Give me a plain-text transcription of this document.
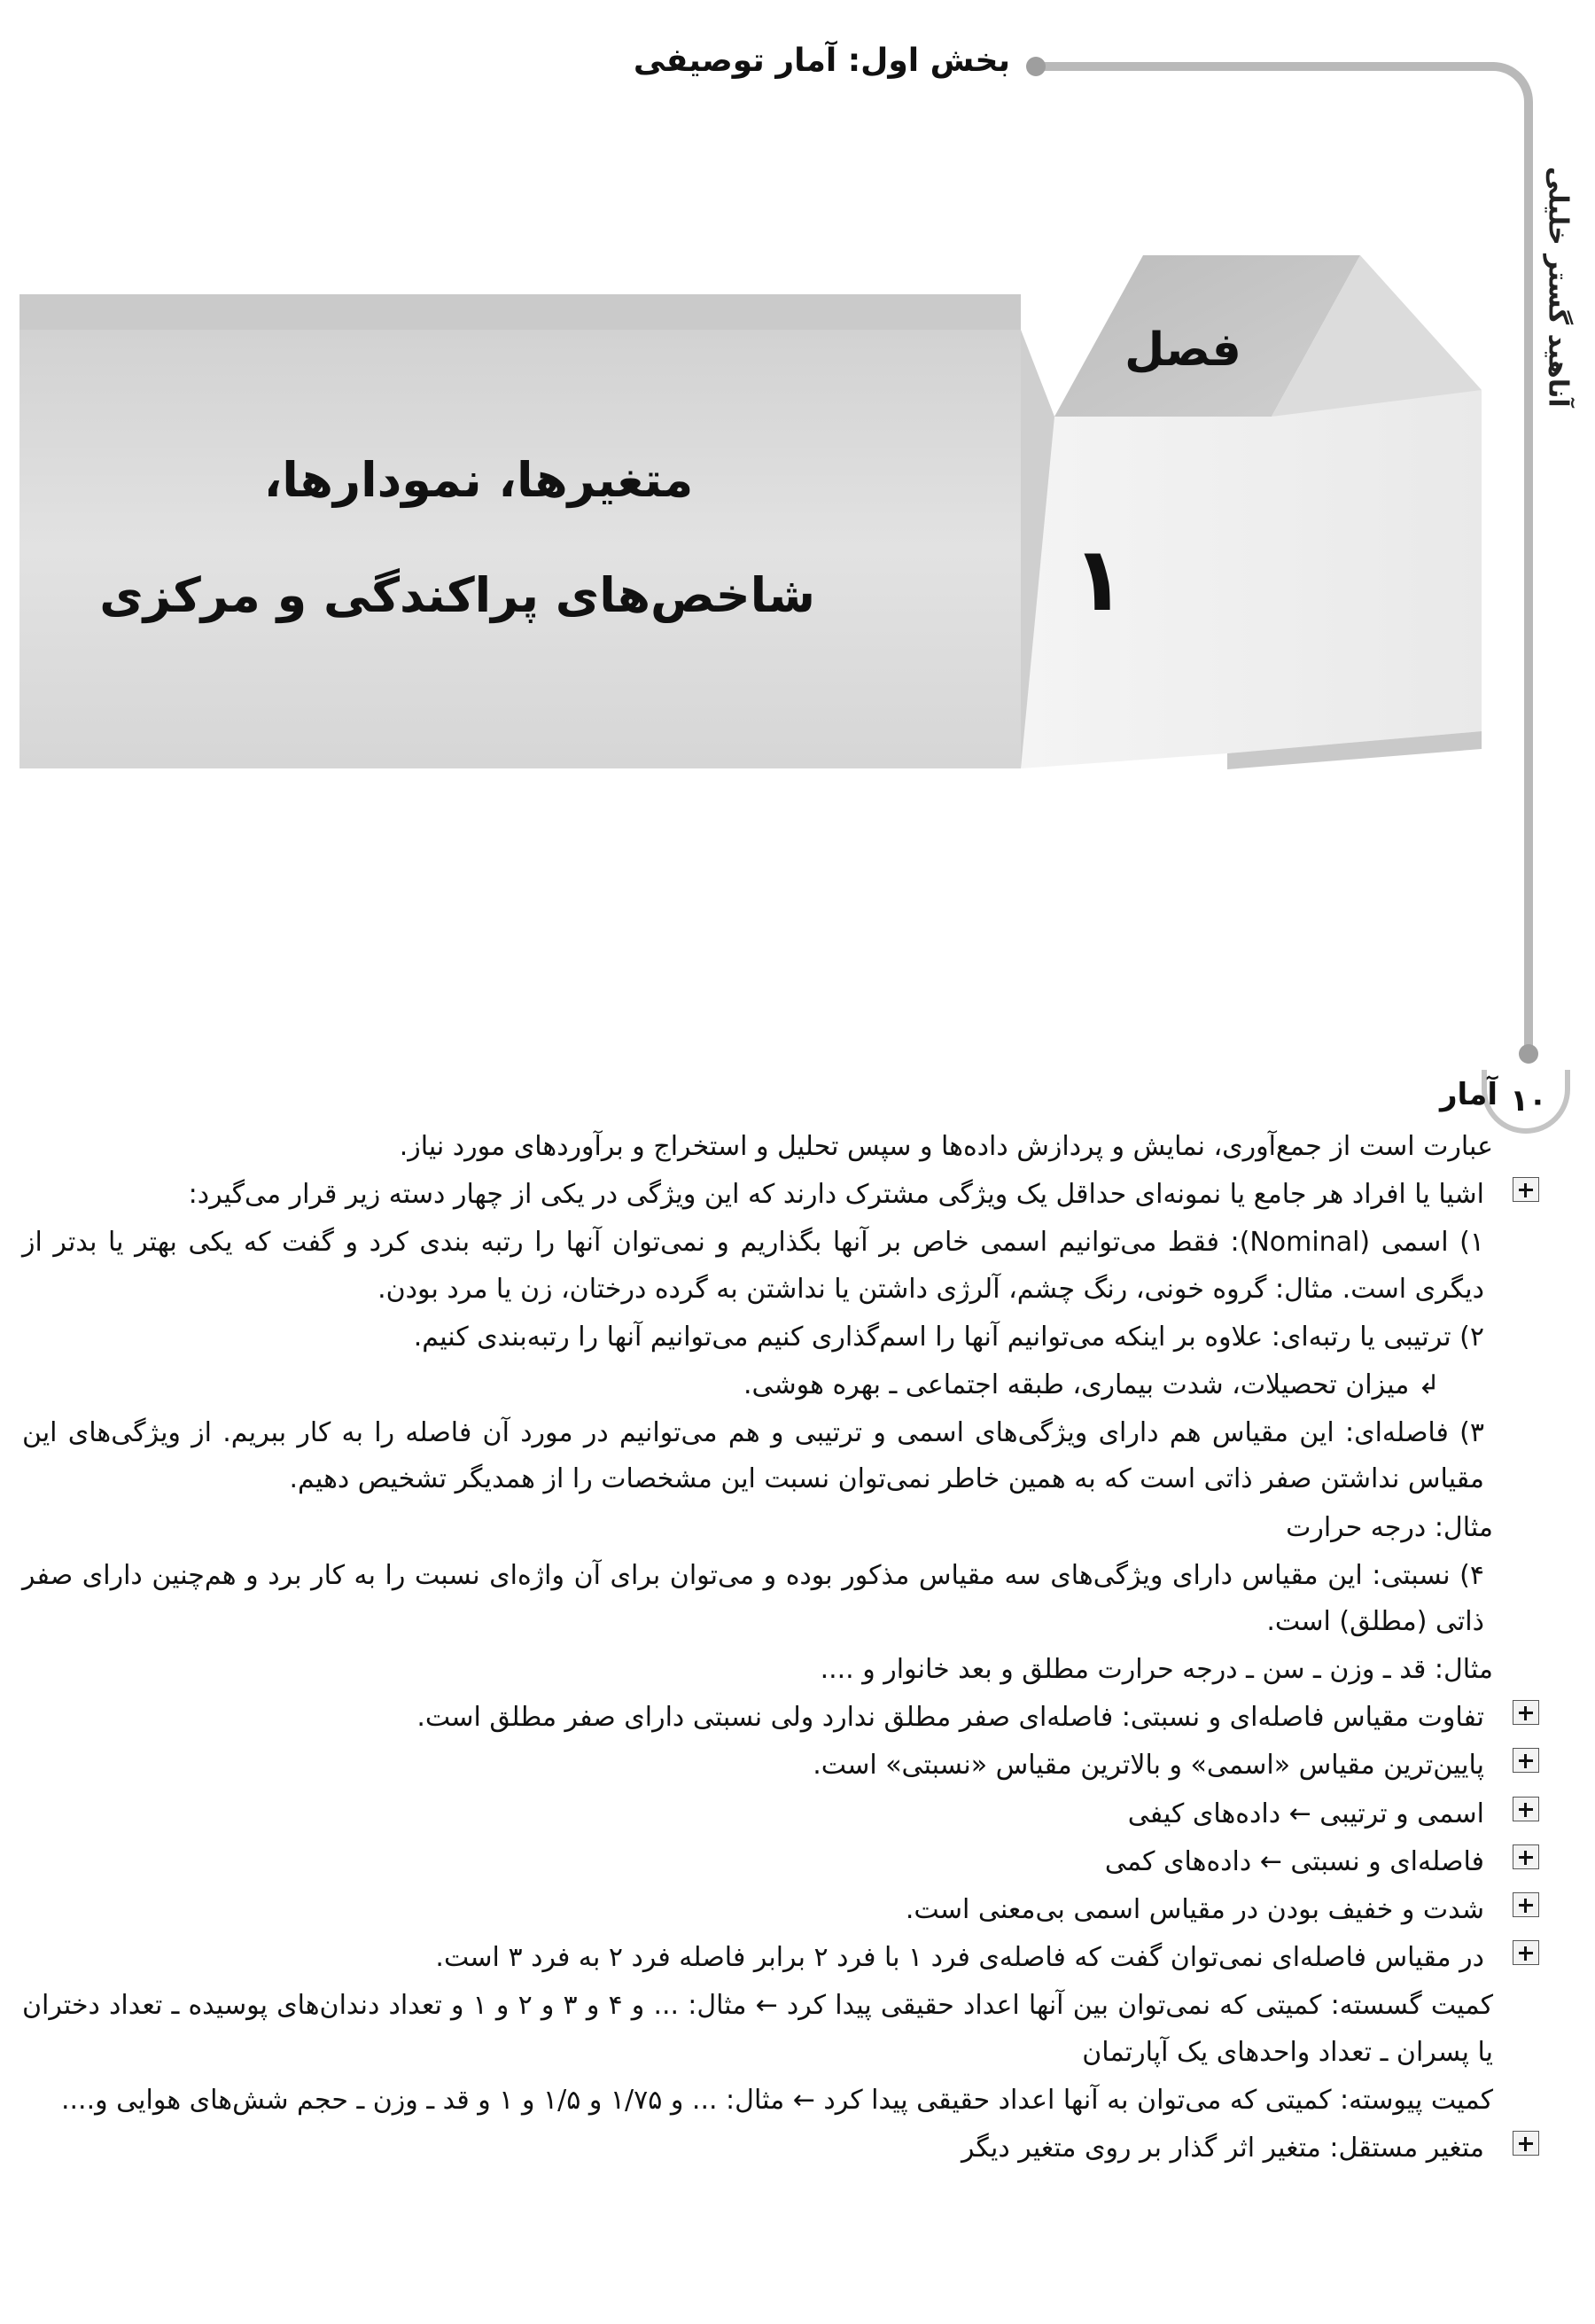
بخش اول: آمار توصیفی
آناهید گستر خلیلی
فصل
۱
متغیرها، نمودارها،
شاخص‌های پراکندگی و مرکزی
۱۰
آمار

عبارت است از جمع‌آوری، نمایش و پردازش داده‌ها و سپس تحلیل و استخراج و برآوردهای مورد نیاز.

اشیا یا افراد هر جامع یا نمونه‌ای حداقل یک ویژگی مشترک دارند که این ویژگی در یکی از چهار دسته زیر قرار می‌گیرد:

۱) اسمی (Nominal): فقط می‌توانیم اسمی خاص بر آنها بگذاریم و نمی‌توان آنها را رتبه بندی کرد و گفت که یکی بهتر یا بدتر از دیگری است. مثال: گروه خونی، رنگ چشم، آلرژی داشتن یا نداشتن به گرده درختان، زن یا مرد بودن.

۲) ترتیبی یا رتبه‌ای: علاوه بر اینکه می‌توانیم آنها را اسم‌گذاری کنیم می‌توانیم آنها را رتبه‌بندی کنیم.

↲ میزان تحصیلات، شدت بیماری، طبقه اجتماعی ـ بهره هوشی.

۳) فاصله‌ای: این مقیاس هم دارای ویژگی‌های اسمی و ترتیبی و هم می‌توانیم در مورد آن فاصله را به کار ببریم. از ویژگی‌های این مقیاس نداشتن صفر ذاتی است که به همین خاطر نمی‌توان نسبت این مشخصات را از همدیگر تشخیص دهیم.

مثال: درجه حرارت

۴) نسبتی: این مقیاس دارای ویژگی‌های سه مقیاس مذکور بوده و می‌توان برای آن واژه‌ای نسبت را به کار برد و هم‌چنین دارای صفر ذاتی (مطلق) است.

مثال: قد ـ وزن ـ سن ـ درجه حرارت مطلق و بعد خانوار و ....

تفاوت مقیاس فاصله‌ای و نسبتی: فاصله‌ای صفر مطلق ندارد ولی نسبتی دارای صفر مطلق است.

پایین‌ترین مقیاس «اسمی» و بالاترین مقیاس «نسبتی» است.

اسمی و ترتیبی ← داده‌های کیفی

فاصله‌ای و نسبتی ← داده‌های کمی

شدت و خفیف بودن در مقیاس اسمی بی‌معنی است.

در مقیاس فاصله‌ای نمی‌توان گفت که فاصله‌ی فرد ۱ با فرد ۲ برابر فاصله فرد ۲ به فرد ۳ است.

کمیت گسسته: کمیتی که نمی‌توان بین آنها اعداد حقیقی پیدا کرد ← مثال: ... و ۴ و ۳ و ۲ و ۱ و تعداد دندان‌های پوسیده ـ تعداد دختران یا پسران ـ تعداد واحدهای یک آپارتمان

کمیت پیوسته: کمیتی که می‌توان به آنها اعداد حقیقی پیدا کرد ← مثال: ... و ۱/۷۵ و ۱/۵ و ۱ و قد ـ وزن ـ حجم شش‌های هوایی و....

متغیر مستقل: متغیر اثر گذار بر روی متغیر دیگر
